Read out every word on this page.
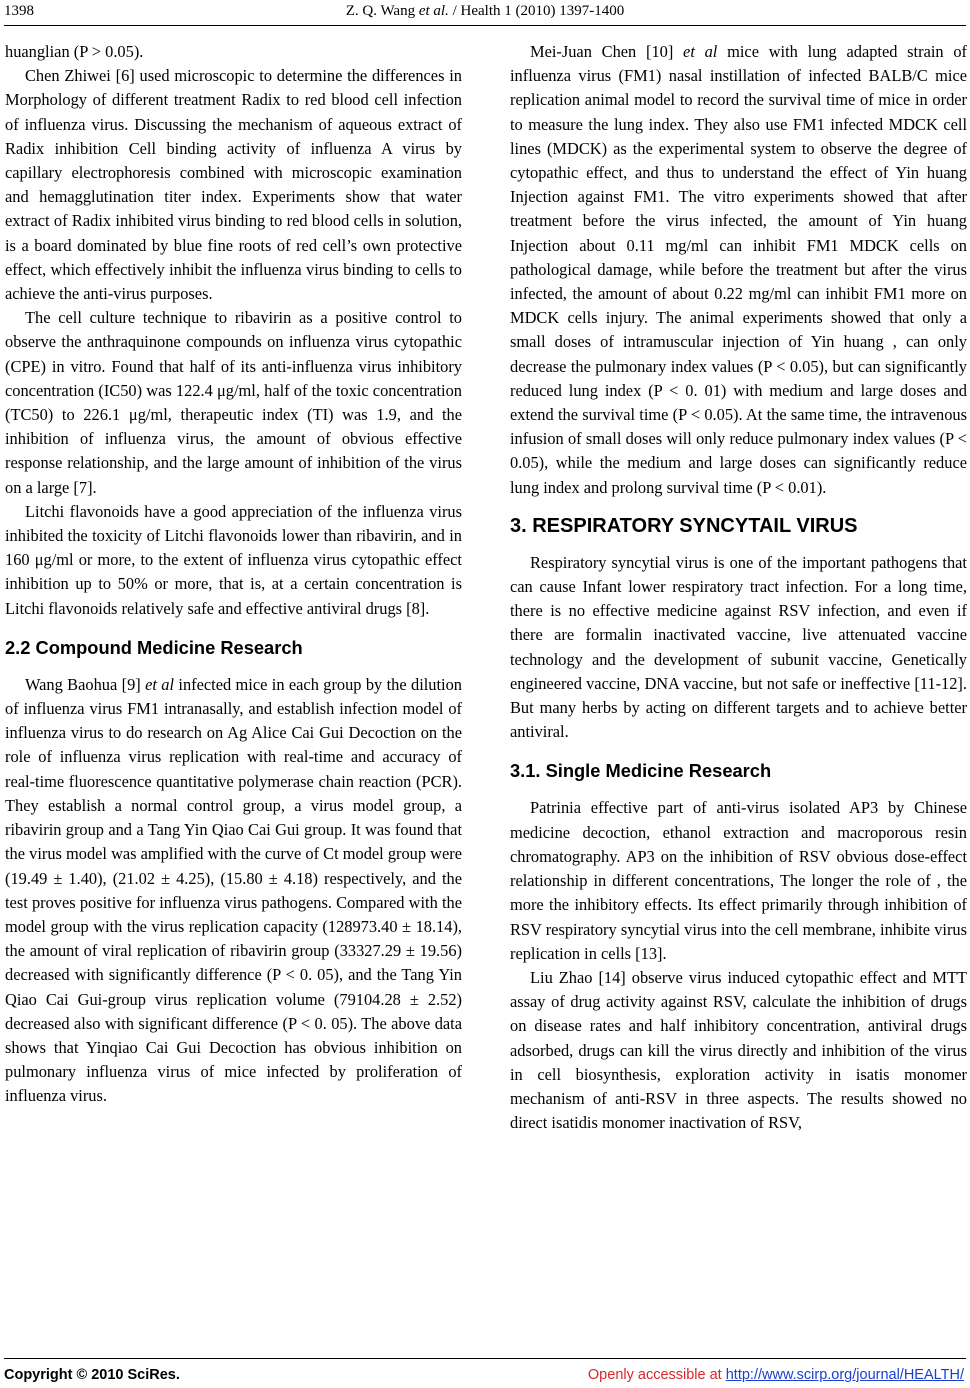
1398	Z. Q. Wang et al. / Health 1 (2010) 1397-1400

huanglian (P > 0.05).

Chen Zhiwei [6] used microscopic to determine the differences in Morphology of different treatment Radix to red blood cell infection of influenza virus. Discussing the mechanism of aqueous extract of Radix inhibition Cell binding activity of influenza A virus by capillary electrophoresis combined with microscopic examination and hemagglutination titer index. Experiments show that water extract of Radix inhibited virus binding to red blood cells in solution, is a board dominated by blue fine roots of red cell’s own protective effect, which effectively inhibit the influenza virus binding to cells to achieve the anti-virus purposes.

The cell culture technique to ribavirin as a positive control to observe the anthraquinone compounds on influenza virus cytopathic (CPE) in vitro. Found that half of its anti-influenza virus inhibitory concentration (IC50) was 122.4 μg/ml, half of the toxic concentration (TC50) to 226.1 μg/ml, therapeutic index (TI) was 1.9, and the inhibition of influenza virus, the amount of obvious effective response relationship, and the large amount of inhibition of the virus on a large [7].

Litchi flavonoids have a good appreciation of the influenza virus inhibited the toxicity of Litchi flavonoids lower than ribavirin, and in 160 μg/ml or more, to the extent of influenza virus cytopathic effect inhibition up to 50% or more, that is, at a certain concentration is Litchi flavonoids relatively safe and effective antiviral drugs [8].

2.2 Compound Medicine Research

Wang Baohua [9] et al infected mice in each group by the dilution of influenza virus FM1 intranasally, and establish infection model of influenza virus to do research on Ag Alice Cai Gui Decoction on the role of influenza virus replication with real-time and accuracy of real-time fluorescence quantitative polymerase chain reaction (PCR). They establish a normal control group, a virus model group, a ribavirin group and a Tang Yin Qiao Cai Gui group. It was found that the virus model was amplified with the curve of Ct model group were (19.49 ± 1.40), (21.02 ± 4.25), (15.80 ± 4.18) respectively, and the test proves positive for influenza virus pathogens. Compared with the model group with the virus replication capacity (128973.40 ± 18.14), the amount of viral replication of ribavirin group (33327.29 ± 19.56) decreased with significantly difference (P < 0. 05), and the Tang Yin Qiao Cai Gui-group virus replication volume (79104.28 ± 2.52) decreased also with significant difference (P < 0. 05). The above data shows that Yinqiao Cai Gui Decoction has obvious inhibition on pulmonary influenza virus of mice infected by proliferation of influenza virus.

Mei-Juan Chen [10] et al mice with lung adapted strain of influenza virus (FM1) nasal instillation of infected BALB/C mice replication animal model to record the survival time of mice in order to measure the lung index. They also use FM1 infected MDCK cell lines (MDCK) as the experimental system to observe the degree of cytopathic effect, and thus to understand the effect of Yin huang Injection against FM1. The vitro experiments showed that after treatment before the virus infected, the amount of Yin huang Injection about 0.11 mg/ml can inhibit FM1 MDCK cells on pathological damage, while before the treatment but after the virus infected, the amount of about 0.22 mg/ml can inhibit FM1 more on MDCK cells injury. The animal experiments showed that only a small doses of intramuscular injection of Yin huang , can only decrease the pulmonary index values (P < 0.05), but can significantly reduced lung index (P < 0. 01) with medium and large doses and extend the survival time (P < 0.05). At the same time, the intravenous infusion of small doses will only reduce pulmonary index values (P < 0.05), while the medium and large doses can significantly reduce lung index and prolong survival time (P < 0.01).

3. RESPIRATORY SYNCYTAIL VIRUS

Respiratory syncytial virus is one of the important pathogens that can cause Infant lower respiratory tract infection. For a long time, there is no effective medicine against RSV infection, and even if there are formalin inactivated vaccine, live attenuated vaccine technology and the development of subunit vaccine, Genetically engineered vaccine, DNA vaccine, but not safe or ineffective [11-12]. But many herbs by acting on different targets and to achieve better antiviral.

3.1. Single Medicine Research

Patrinia effective part of anti-virus isolated AP3 by Chinese medicine decoction, ethanol extraction and macroporous resin chromatography. AP3 on the inhibition of RSV obvious dose-effect relationship in different concentrations, The longer the role of , the more the inhibitory effects. Its effect primarily through inhibition of RSV respiratory syncytial virus into the cell membrane, inhibite virus replication in cells [13].

Liu Zhao [14] observe virus induced cytopathic effect and MTT assay of drug activity against RSV, calculate the inhibition of drugs on disease rates and half inhibitory concentration, antiviral drugs adsorbed, drugs can kill the virus directly and inhibition of the virus in cell biosynthesis, exploration activity in isatis monomer mechanism of anti-RSV in three aspects. The results showed no direct isatidis monomer inactivation of RSV,

Copyright © 2010 SciRes.	Openly accessible at http://www.scirp.org/journal/HEALTH/
